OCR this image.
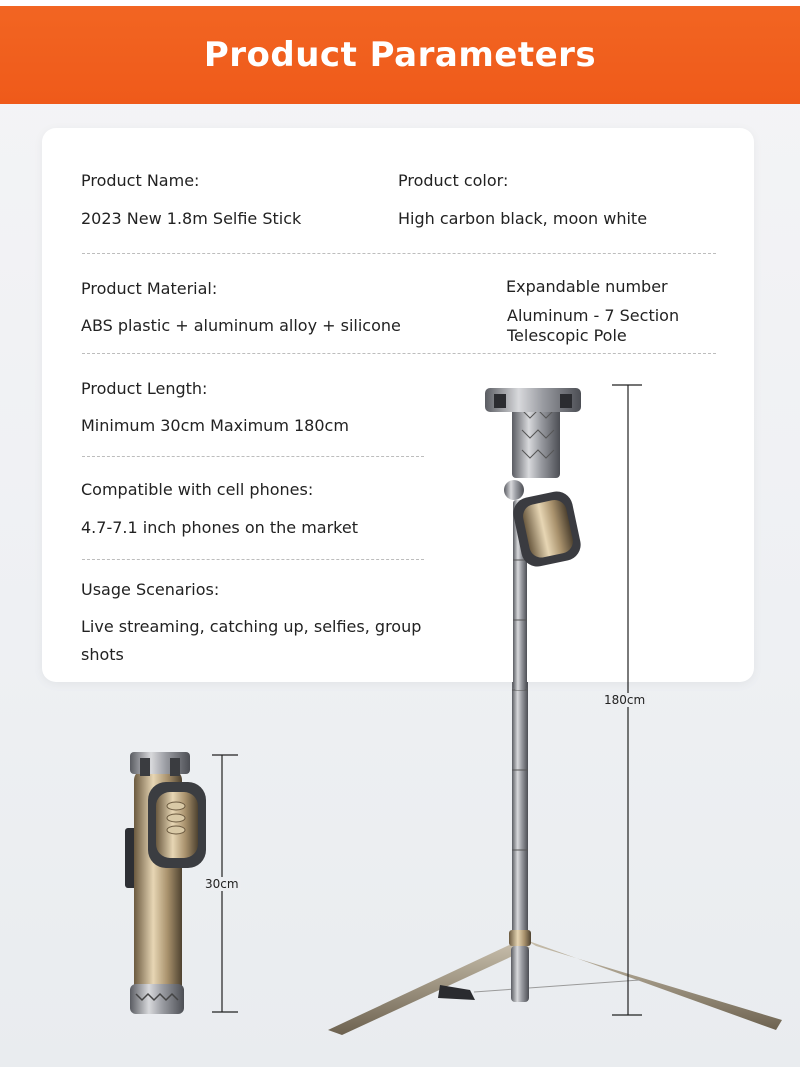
Product Parameters
Product Name:
2023 New 1.8m Selfie Stick
Product color:
High carbon black, moon white
Product Material:
ABS plastic + aluminum alloy + silicone
Expandable number
Aluminum - 7 Section Telescopic Pole
Product Length:
Minimum 30cm Maximum 180cm
Compatible with cell phones:
4.7-7.1 inch phones on the market
Usage Scenarios:
Live streaming, catching up, selfies, group shots
180cm
30cm
